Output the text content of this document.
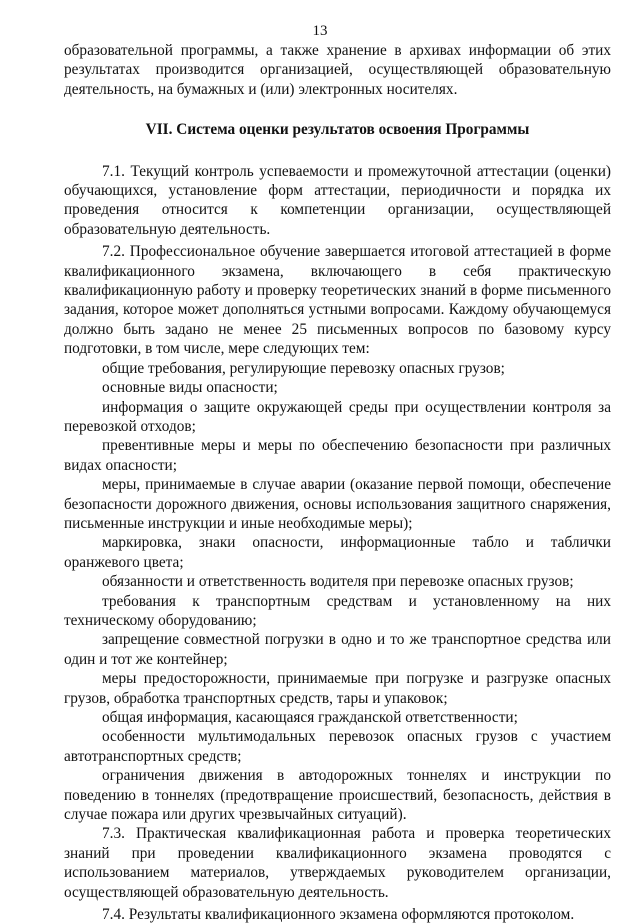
13

образовательной программы, а также хранение в архивах информации об этих результатах производится организацией, осуществляющей образовательную деятельность, на бумажных и (или) электронных носителях.

VII. Система оценки результатов освоения Программы

7.1. Текущий контроль успеваемости и промежуточной аттестации (оценки) обучающихся, установление форм аттестации, периодичности и порядка их проведения относится к компетенции организации, осуществляющей образовательную деятельность.

7.2. Профессиональное обучение завершается итоговой аттестацией в форме квалификационного экзамена, включающего в себя практическую квалификационную работу и проверку теоретических знаний в форме письменного задания, которое может дополняться устными вопросами. Каждому обучающемуся должно быть задано не менее 25 письменных вопросов по базовому курсу подготовки, в том числе, мере следующих тем:

общие требования, регулирующие перевозку опасных грузов;

основные виды опасности;

информация о защите окружающей среды при осуществлении контроля за перевозкой отходов;

превентивные меры и меры по обеспечению безопасности при различных видах опасности;

меры, принимаемые в случае аварии (оказание первой помощи, обеспечение безопасности дорожного движения, основы использования защитного снаряжения, письменные инструкции и иные необходимые меры);

маркировка, знаки опасности, информационные табло и таблички оранжевого цвета;

обязанности и ответственность водителя при перевозке опасных грузов;

требования к транспортным средствам и установленному на них техническому оборудованию;

запрещение совместной погрузки в одно и то же транспортное средства или один и тот же контейнер;

меры предосторожности, принимаемые при погрузке и разгрузке опасных грузов, обработка транспортных средств, тары и упаковок;

общая информация, касающаяся гражданской ответственности;

особенности мультимодальных перевозок опасных грузов с участием автотранспортных средств;

ограничения движения в автодорожных тоннелях и инструкции по поведению в тоннелях (предотвращение происшествий, безопасность, действия в случае пожара или других чрезвычайных ситуаций).

7.3. Практическая квалификационная работа и проверка теоретических знаний при проведении квалификационного экзамена проводятся с использованием материалов, утверждаемых руководителем организации, осуществляющей образовательную деятельность.

7.4. Результаты квалификационного экзамена оформляются протоколом.
